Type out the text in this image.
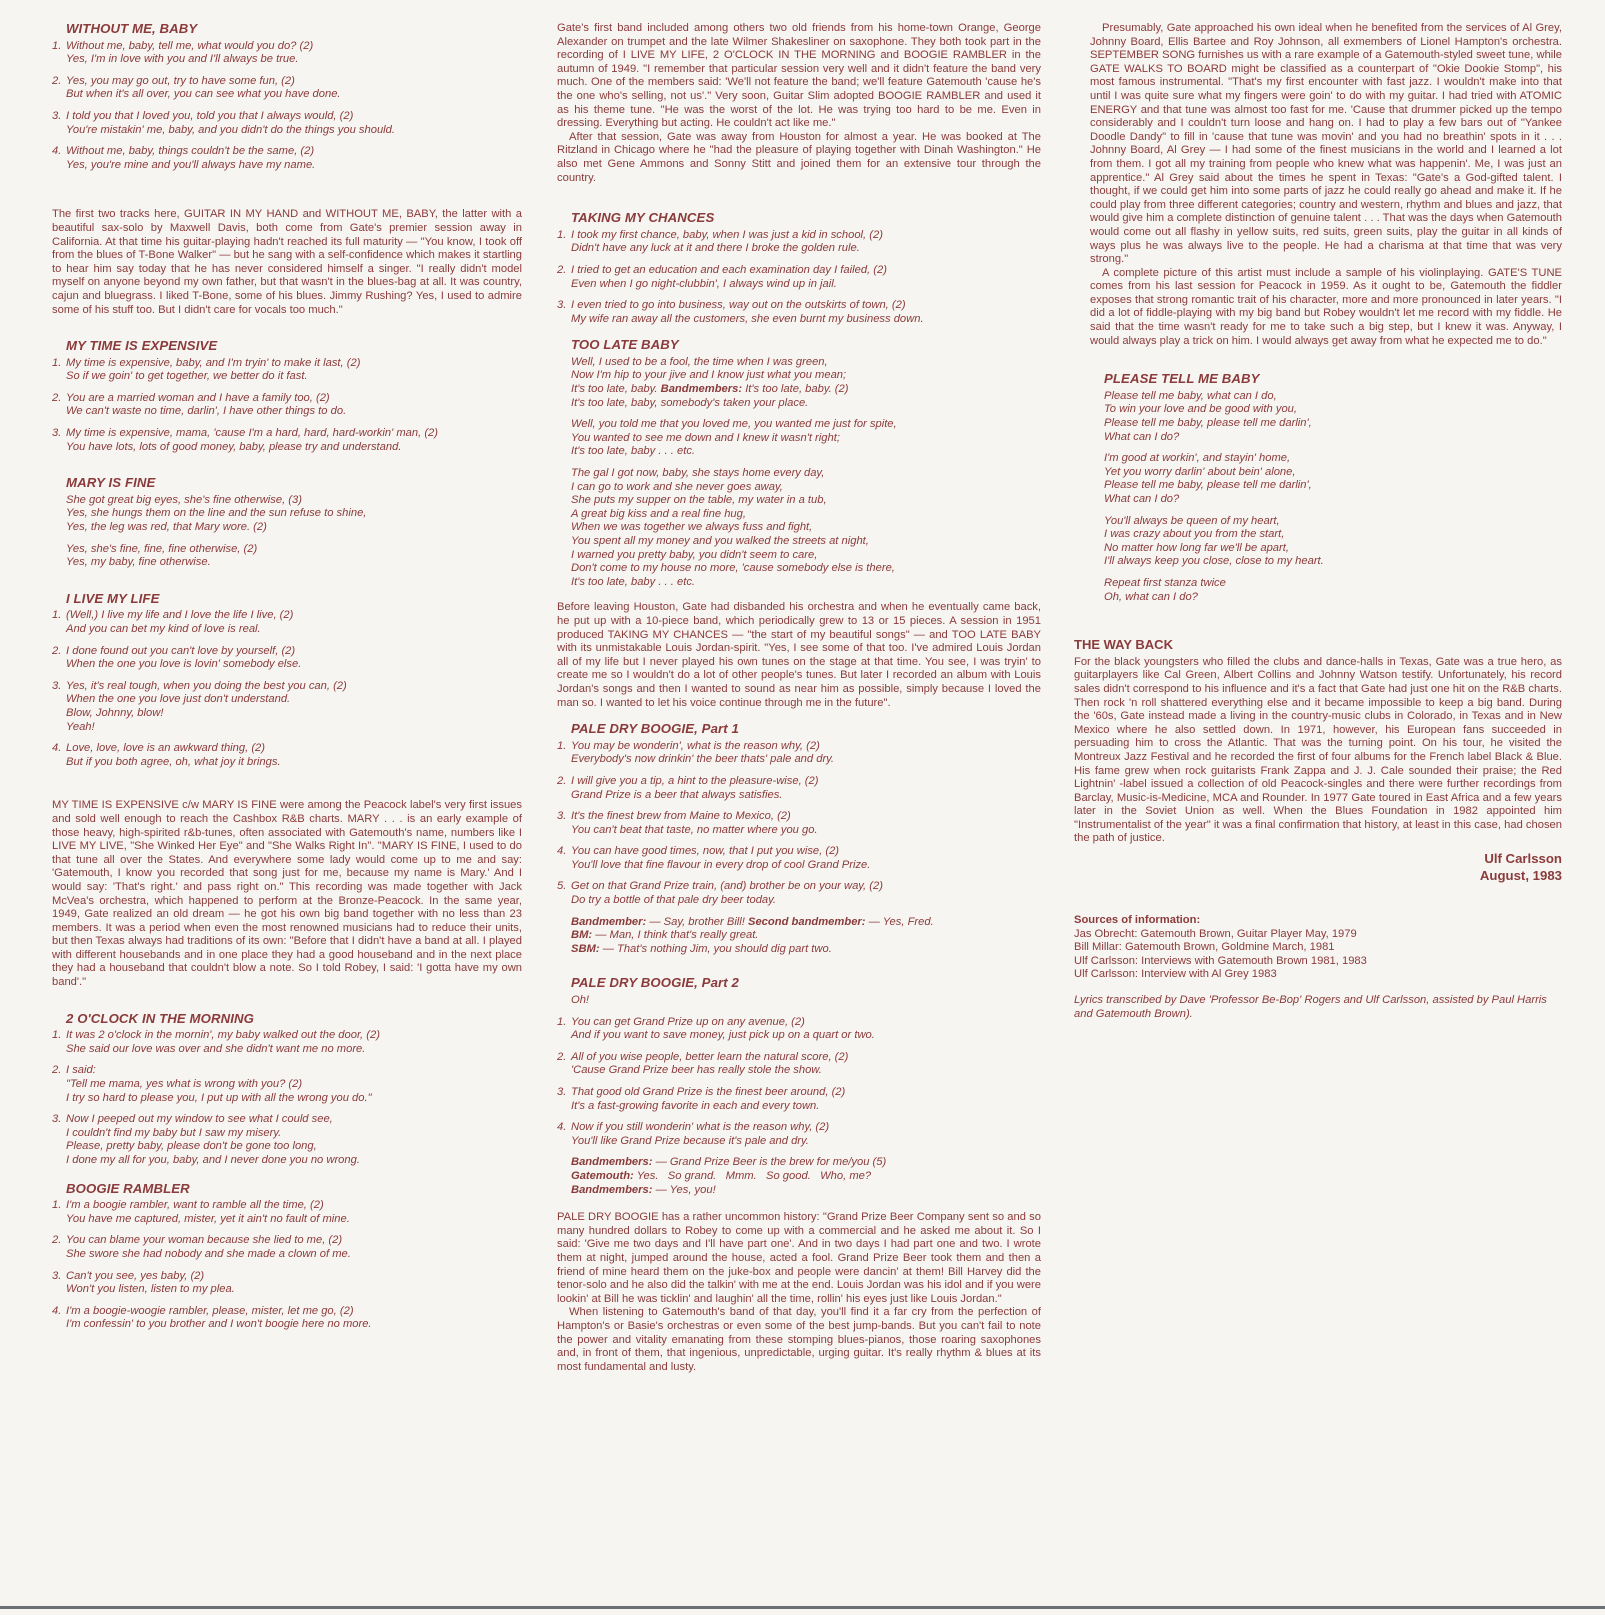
WITHOUT ME, BABY
1. Without me, baby, tell me, what would you do? (2)
Yes, I'm in love with you and I'll always be true.
2. Yes, you may go out, try to have some fun, (2)
But when it's all over, you can see what you have done.
3. I told you that I loved you, told you that I always would, (2)
You're mistakin' me, baby, and you didn't do the things you should.
4. Without me, baby, things couldn't be the same, (2)
Yes, you're mine and you'll always have my name.

The first two tracks here, GUITAR IN MY HAND and WITHOUT ME, BABY, the latter with a beautiful sax-solo by Maxwell Davis, both come from Gate's premier session away in California. At that time his guitar-playing hadn't reached its full maturity — "You know, I took off from the blues of T-Bone Walker" — but he sang with a self-confidence which makes it startling to hear him say today that he has never considered himself a singer. "I really didn't model myself on anyone beyond my own father, but that wasn't in the blues-bag at all. It was country, cajun and bluegrass. I liked T-Bone, some of his blues. Jimmy Rushing? Yes, I used to admire some of his stuff too. But I didn't care for vocals too much."

MY TIME IS EXPENSIVE
1. My time is expensive, baby, and I'm tryin' to make it last, (2)
So if we goin' to get together, we better do it fast.
2. You are a married woman and I have a family too, (2)
We can't waste no time, darlin', I have other things to do.
3. My time is expensive, mama, 'cause I'm a hard, hard, hard-workin' man, (2)
You have lots, lots of good money, baby, please try and understand.
MARY IS FINE
She got great big eyes, she's fine otherwise, (3)
Yes, she hungs them on the line and the sun refuse to shine,
Yes, the leg was red, that Mary wore. (2)
Yes, she's fine, fine, fine otherwise, (2)
Yes, my baby, fine otherwise.
I LIVE MY LIFE
1. (Well,) I live my life and I love the life I live, (2)
And you can bet my kind of love is real.
2. I done found out you can't love by yourself, (2)
When the one you love is lovin' somebody else.
3. Yes, it's real tough, when you doing the best you can, (2)
When the one you love just don't understand.
Blow, Johnny, blow!
Yeah!
4. Love, love, love is an awkward thing, (2)
But if you both agree, oh, what joy it brings.

MY TIME IS EXPENSIVE c/w MARY IS FINE were among the Peacock label's very first issues and sold well enough to reach the Cashbox R&B charts. MARY . . . is an early example of those heavy, high-spirited r&b-tunes, often associated with Gatemouth's name, numbers like I LIVE MY LIVE, "She Winked Her Eye" and "She Walks Right In". "MARY IS FINE, I used to do that tune all over the States. And everywhere some lady would come up to me and say: 'Gatemouth, I know you recorded that song just for me, because my name is Mary.' And I would say: 'That's right.' and pass right on." This recording was made together with Jack McVea's orchestra, which happened to perform at the Bronze-Peacock. In the same year, 1949, Gate realized an old dream — he got his own big band together with no less than 23 members. It was a period when even the most renowned musicians had to reduce their units, but then Texas always had traditions of its own: "Before that I didn't have a band at all. I played with different housebands and in one place they had a good houseband and in the next place they had a houseband that couldn't blow a note. So I told Robey, I said: 'I gotta have my own band'."

2 O'CLOCK IN THE MORNING
1. It was 2 o'clock in the mornin', my baby walked out the door, (2)
She said our love was over and she didn't want me no more.
2. I said:
"Tell me mama, yes what is wrong with you? (2)
I try so hard to please you, I put up with all the wrong you do."
3. Now I peeped out my window to see what I could see,
I couldn't find my baby but I saw my misery.
Please, pretty baby, please don't be gone too long,
I done my all for you, baby, and I never done you no wrong.
BOOGIE RAMBLER
1. I'm a boogie rambler, want to ramble all the time, (2)
You have me captured, mister, yet it ain't no fault of mine.
2. You can blame your woman because she lied to me, (2)
She swore she had nobody and she made a clown of me.
3. Can't you see, yes baby, (2)
Won't you listen, listen to my plea.
4. I'm a boogie-woogie rambler, please, mister, let me go, (2)
I'm confessin' to you brother and I won't boogie here no more.

Gate's first band included among others two old friends from his home-town Orange, George Alexander on trumpet and the late Wilmer Shakesliner on saxophone. They both took part in the recording of I LIVE MY LIFE, 2 O'CLOCK IN THE MORNING and BOOGIE RAMBLER in the autumn of 1949. "I remember that particular session very well and it didn't feature the band very much. One of the members said: 'We'll not feature the band; we'll feature Gatemouth 'cause he's the one who's selling, not us'." Very soon, Guitar Slim adopted BOOGIE RAMBLER and used it as his theme tune. "He was the worst of the lot. He was trying too hard to be me. Even in dressing. Everything but acting. He couldn't act like me."

After that session, Gate was away from Houston for almost a year. He was booked at The Ritzland in Chicago where he "had the pleasure of playing together with Dinah Washington." He also met Gene Ammons and Sonny Stitt and joined them for an extensive tour through the country.

TAKING MY CHANCES
1. I took my first chance, baby, when I was just a kid in school, (2)
Didn't have any luck at it and there I broke the golden rule.
2. I tried to get an education and each examination day I failed, (2)
Even when I go night-clubbin', I always wind up in jail.
3. I even tried to go into business, way out on the outskirts of town, (2)
My wife ran away all the customers, she even burnt my business down.
TOO LATE BABY
Well, I used to be a fool, the time when I was green,
Now I'm hip to your jive and I know just what you mean;
It's too late, baby. Bandmembers: It's too late, baby. (2)
It's too late, baby, somebody's taken your place.
Well, you told me that you loved me, you wanted me just for spite,
You wanted to see me down and I knew it wasn't right;
It's too late, baby . . . etc.
The gal I got now, baby, she stays home every day,
I can go to work and she never goes away,
She puts my supper on the table, my water in a tub,
A great big kiss and a real fine hug,
When we was together we always fuss and fight,
You spent all my money and you walked the streets at night,
I warned you pretty baby, you didn't seem to care,
Don't come to my house no more, 'cause somebody else is there,
It's too late, baby . . . etc.

Before leaving Houston, Gate had disbanded his orchestra and when he eventually came back, he put up with a 10-piece band, which periodically grew to 13 or 15 pieces. A session in 1951 produced TAKING MY CHANCES — "the start of my beautiful songs" — and TOO LATE BABY with its unmistakable Louis Jordan-spirit. "Yes, I see some of that too. I've admired Louis Jordan all of my life but I never played his own tunes on the stage at that time. You see, I was tryin' to create me so I wouldn't do a lot of other people's tunes. But later I recorded an album with Louis Jordan's songs and then I wanted to sound as near him as possible, simply because I loved the man so. I wanted to let his voice continue through me in the future".

PALE DRY BOOGIE, Part 1
1. You may be wonderin', what is the reason why, (2)
Everybody's now drinkin' the beer thats' pale and dry.
2. I will give you a tip, a hint to the pleasure-wise, (2)
Grand Prize is a beer that always satisfies.
3. It's the finest brew from Maine to Mexico, (2)
You can't beat that taste, no matter where you go.
4. You can have good times, now, that I put you wise, (2)
You'll love that fine flavour in every drop of cool Grand Prize.
5. Get on that Grand Prize train, (and) brother be on your way, (2)
Do try a bottle of that pale dry beer today.
Bandmember: — Say, brother Bill! Second bandmember: — Yes, Fred.
BM: — Man, I think that's really great.
SBM: — That's nothing Jim, you should dig part two.
PALE DRY BOOGIE, Part 2
Oh!
1. You can get Grand Prize up on any avenue, (2)
And if you want to save money, just pick up on a quart or two.
2. All of you wise people, better learn the natural score, (2)
'Cause Grand Prize beer has really stole the show.
3. That good old Grand Prize is the finest beer around, (2)
It's a fast-growing favorite in each and every town.
4. Now if you still wonderin' what is the reason why, (2)
You'll like Grand Prize because it's pale and dry.
Bandmembers: — Grand Prize Beer is the brew for me/you (5)
Gatemouth: Yes.   So grand.   Mmm.   So good.   Who, me?
Bandmembers: — Yes, you!

PALE DRY BOOGIE has a rather uncommon history: "Grand Prize Beer Company sent so and so many hundred dollars to Robey to come up with a commercial and he asked me about it. So I said: 'Give me two days and I'll have part one'. And in two days I had part one and two. I wrote them at night, jumped around the house, acted a fool. Grand Prize Beer took them and then a friend of mine heard them on the juke-box and people were dancin' at them! Bill Harvey did the tenor-solo and he also did the talkin' with me at the end. Louis Jordan was his idol and if you were lookin' at Bill he was ticklin' and laughin' all the time, rollin' his eyes just like Louis Jordan."

When listening to Gatemouth's band of that day, you'll find it a far cry from the perfection of Hampton's or Basie's orchestras or even some of the best jump-bands. But you can't fail to note the power and vitality emanating from these stomping blues-pianos, those roaring saxophones and, in front of them, that ingenious, unpredictable, urging guitar. It's really rhythm & blues at its most fundamental and lusty.

Presumably, Gate approached his own ideal when he benefited from the services of Al Grey, Johnny Board, Ellis Bartee and Roy Johnson, all exmembers of Lionel Hampton's orchestra. SEPTEMBER SONG furnishes us with a rare example of a Gatemouth-styled sweet tune, while GATE WALKS TO BOARD might be classified as a counterpart of "Okie Dookie Stomp", his most famous instrumental. "That's my first encounter with fast jazz. I wouldn't make into that until I was quite sure what my fingers were goin' to do with my guitar. I had tried with ATOMIC ENERGY and that tune was almost too fast for me. 'Cause that drummer picked up the tempo considerably and I couldn't turn loose and hang on. I had to play a few bars out of "Yankee Doodle Dandy" to fill in 'cause that tune was movin' and you had no breathin' spots in it . . . Johnny Board, Al Grey — I had some of the finest musicians in the world and I learned a lot from them. I got all my training from people who knew what was happenin'. Me, I was just an apprentice." Al Grey said about the times he spent in Texas: "Gate's a God-gifted talent. I thought, if we could get him into some parts of jazz he could really go ahead and make it. If he could play from three different categories; country and western, rhythm and blues and jazz, that would give him a complete distinction of genuine talent . . . That was the days when Gatemouth would come out all flashy in yellow suits, red suits, green suits, play the guitar in all kinds of ways plus he was always live to the people. He had a charisma at that time that was very strong."

A complete picture of this artist must include a sample of his violinplaying. GATE'S TUNE comes from his last session for Peacock in 1959. As it ought to be, Gatemouth the fiddler exposes that strong romantic trait of his character, more and more pronounced in later years. "I did a lot of fiddle-playing with my big band but Robey wouldn't let me record with my fiddle. He said that the time wasn't ready for me to take such a big step, but I knew it was. Anyway, I would always play a trick on him. I would always get away from what he expected me to do."

PLEASE TELL ME BABY
Please tell me baby, what can I do,
To win your love and be good with you,
Please tell me baby, please tell me darlin',
What can I do?
I'm good at workin', and stayin' home,
Yet you worry darlin' about bein' alone,
Please tell me baby, please tell me darlin',
What can I do?
You'll always be queen of my heart,
I was crazy about you from the start,
No matter how long far we'll be apart,
I'll always keep you close, close to my heart.
Repeat first stanza twice
Oh, what can I do?
THE WAY BACK

For the black youngsters who filled the clubs and dance-halls in Texas, Gate was a true hero, as guitarplayers like Cal Green, Albert Collins and Johnny Watson testify. Unfortunately, his record sales didn't correspond to his influence and it's a fact that Gate had just one hit on the R&B charts. Then rock 'n roll shattered everything else and it became impossible to keep a big band. During the '60s, Gate instead made a living in the country-music clubs in Colorado, in Texas and in New Mexico where he also settled down. In 1971, however, his European fans succeeded in persuading him to cross the Atlantic. That was the turning point. On his tour, he visited the Montreux Jazz Festival and he recorded the first of four albums for the French label Black & Blue. His fame grew when rock guitarists Frank Zappa and J. J. Cale sounded their praise; the Red Lightnin' -label issued a collection of old Peacock-singles and there were further recordings from Barclay, Music-is-Medicine, MCA and Rounder. In 1977 Gate toured in East Africa and a few years later in the Soviet Union as well. When the Blues Foundation in 1982 appointed him "Instrumentalist of the year" it was a final confirmation that history, at least in this case, had chosen the path of justice.

Ulf Carlsson
August, 1983
Sources of information:
Jas Obrecht: Gatemouth Brown, Guitar Player May, 1979
Bill Millar: Gatemouth Brown, Goldmine March, 1981
Ulf Carlsson: Interviews with Gatemouth Brown 1981, 1983
Ulf Carlsson: Interview with Al Grey 1983
Lyrics transcribed by Dave 'Professor Be-Bop' Rogers and Ulf Carlsson, assisted by Paul Harris and Gatemouth Brown).
